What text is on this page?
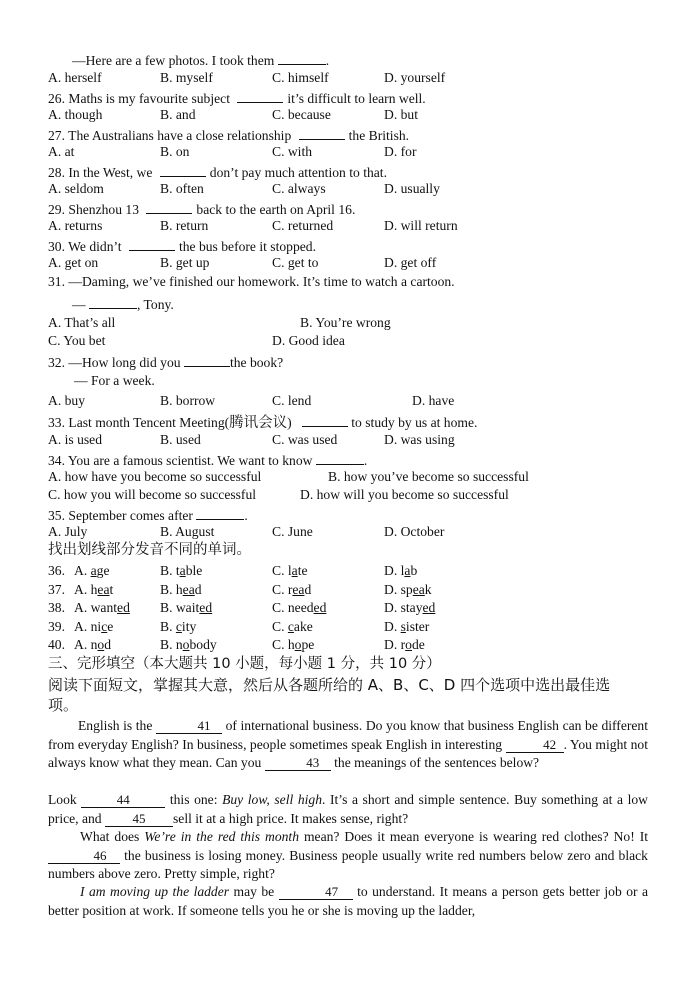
—Here are a few photos. I took them	.
A. herself	B. myself	C. himself	D. yourself
26. Maths is my favourite subject	it’s difficult to learn well.
A. though	B. and	C. because	D. but
27. The Australians have a close relationship	the British.
A. at	B. on	C. with	D. for
28. In the West, we	don’t pay much attention to that.
A. seldom	B. often	C. always	D. usually
29. Shenzhou 13	back to the earth on April 16.
A. returns	B. return	C. returned	D. will return
30. We didn’t	the bus before it stopped.
A. get on	B. get up	C. get to	D. get off
31. —Daming, we’ve finished our homework. It’s time to watch a cartoon.
—	, Tony.
A. That’s all	B. You’re wrong
C. You bet	D. Good idea
32. —How long did you	the book?
— For a week.
A. buy	B. borrow	C. lend	D. have
33. Last month Tencent Meeting(腾讯会议)	to study by us at home.
A. is used	B. used	C. was used	D. was using
34. You are a famous scientist. We want to know	.
A. how have you become so successful	B. how you’ve become so successful
C. how you will become so successful	D. how will you become so successful
35. September comes after	.
A. July	B. August	C. June	D. October
找出划线部分发音不同的单词。
36. A. age	B. table	C. late	D. lab
37. A. heat	B. head	C. read	D. speak
38. A. wanted B. waited	C. needed	D. stayed
39. A. nice	B. city	C. cake	D. sister
40. A. nod	B. nobody	C. hope	D. rode
三、完形填空（本大题共 10 小题，每小题 1 分，共 10 分）
阅读下面短文，掌握其大意，然后从各题所给的 A、B、C、D 四个选项中选出最佳选
项。
English is the	41 of international business. Do you know that business English can be different from everyday English? In business, people sometimes speak English in interesting	42 . You might not always know what they mean. Can you	43 the meanings of the sentences below?
Look	44	this one: Buy low, sell high. It’s a short and simple sentence. Buy something at a low price, and 45 sell it at a high price. It makes sense, right?
What does We’re in the red this month mean? Does it mean everyone is wearing red clothes? No! It 46 the business is losing money. Business people usually write red numbers below zero and black numbers above zero. Pretty simple, right?
I am moving up the ladder may be	47 to understand. It means a person gets better job or a better position at work. If someone tells you he or she is moving up the ladder,
